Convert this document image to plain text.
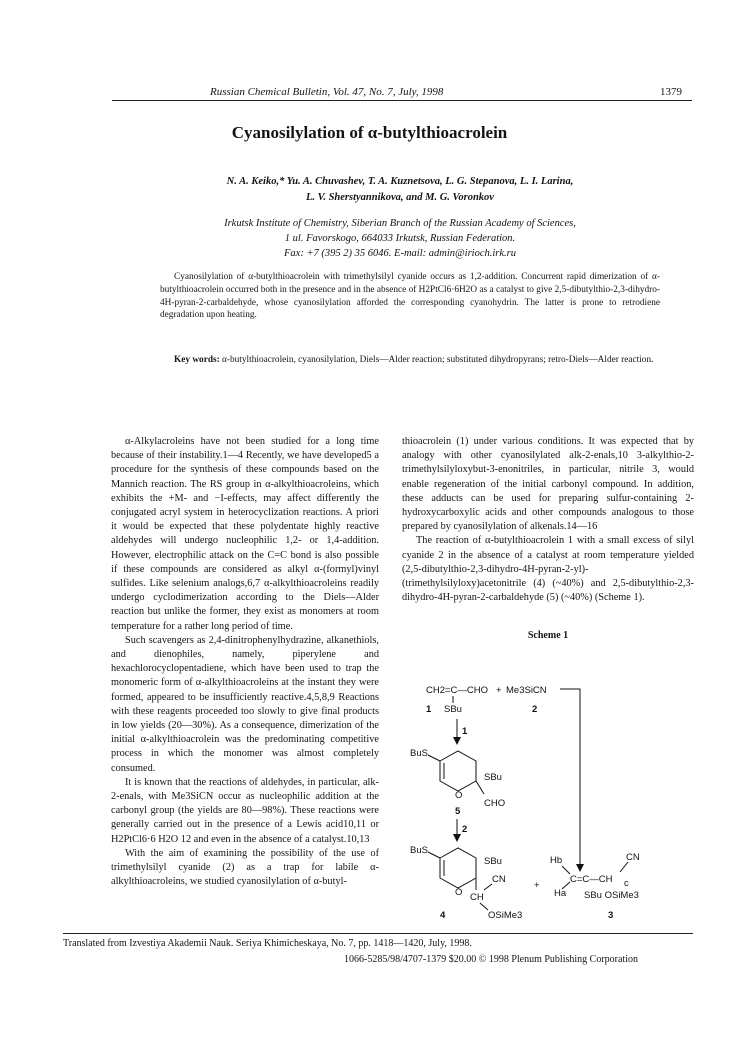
Russian Chemical Bulletin, Vol. 47, No. 7, July, 1998	1379
Cyanosilylation of α-butylthioacrolein
N. A. Keiko,* Yu. A. Chuvashev, T. A. Kuznetsova, L. G. Stepanova, L. I. Larina,
L. V. Sherstyannikova, and M. G. Voronkov
Irkutsk Institute of Chemistry, Siberian Branch of the Russian Academy of Sciences,
1 ul. Favorskogo, 664033 Irkutsk, Russian Federation.
Fax: +7 (395 2) 35 6046. E-mail: admin@irioch.irk.ru

Cyanosilylation of α-butylthioacrolein with trimethylsilyl cyanide occurs as 1,2-addition. Concurrent rapid dimerization of α-butylthioacrolein occurred both in the presence and in the absence of H2PtCl6·6H2O as a catalyst to give 2,5-dibutylthio-2,3-dihydro-4H-pyran-2-carbaldehyde, whose cyanosilylation afforded the corresponding cyanohydrin. The latter is prone to retrodiene degradation upon heating.

Key words: α-butylthioacrolein, cyanosilylation, Diels—Alder reaction; substituted dihydropyrans; retro-Diels—Alder reaction.

α-Alkylacroleins have not been studied for a long time because of their instability.1—4 Recently, we have developed5 a procedure for the synthesis of these compounds based on the Mannich reaction. The RS group in α-alkylthioacroleins, which exhibits the +M- and −I-effects, may affect differently the conjugated acryl system in heterocyclization reactions. A priori it would be expected that these polydentate highly reactive aldehydes will undergo nucleophilic 1,2- or 1,4-addition. However, electrophilic attack on the C=C bond is also possible if these compounds are considered as alkyl α-(formyl)vinyl sulfides. Like selenium analogs,6,7 α-alkylthioacroleins readily undergo cyclodimerization according to the Diels—Alder reaction but unlike the former, they exist as monomers at room temperature for a rather long period of time.

Such scavengers as 2,4-dinitrophenylhydrazine, alkanethiols, and dienophiles, namely, piperylene and hexachlorocyclopentadiene, which have been used to trap the monomeric form of α-alkylthioacroleins at the instant they were formed, appeared to be insufficiently reactive.4,5,8,9 Reactions with these reagents proceeded too slowly to give final products in low yields (20—30%). As a consequence, dimerization of the initial α-alkylthioacrolein was the predominating competitive process in which the monomer was almost completely consumed.

It is known that the reactions of aldehydes, in particular, alk-2-enals, with Me3SiCN occur as nucleophilic addition at the carbonyl group (the yields are 80—98%). These reactions were generally carried out in the presence of a Lewis acid10,11 or H2PtCl6·6 H2O 12 and even in the absence of a catalyst.10,13

With the aim of examining the possibility of the use of trimethylsilyl cyanide (2) as a trap for labile α-alkylthioacroleins, we studied cyanosilylation of α-butyl-

thioacrolein (1) under various conditions. It was expected that by analogy with other cyanosilylated alk-2-enals,10 3-alkylthio-2-trimethylsilyloxybut-3-enonitriles, in particular, nitrile 3, would enable regeneration of the initial carbonyl compound. In addition, these adducts can be used for preparing sulfur-containing 2-hydroxycarboxylic acids and other compounds analogous to those prepared by cyanosilylation of alkenals.14—16

The reaction of α-butylthioacrolein 1 with a small excess of silyl cyanide 2 in the absence of a catalyst at room temperature yielded (2,5-dibutylthio-2,3-dihydro-4H-pyran-2-yl)-(trimethylsilyloxy)acetonitrile (4) (~40%) and 2,5-dibutylthio-2,3-dihydro-4H-pyran-2-carbaldehyde (5) (~40%) (Scheme 1).

Scheme 1
CH2=C—CHO
SBu
+ Me3SiCN
1	2
1
BuS
SBu
O
CHO
5
2
BuS
SBu
O CH
CN
OSiMe3
4
+
Hb
Ha
C=C—CH c
CN
SBu OSiMe3
3
Translated from Izvestiya Akademii Nauk. Seriya Khimicheskaya, No. 7, pp. 1418—1420, July, 1998.
1066-5285/98/4707-1379 $20.00 © 1998 Plenum Publishing Corporation
